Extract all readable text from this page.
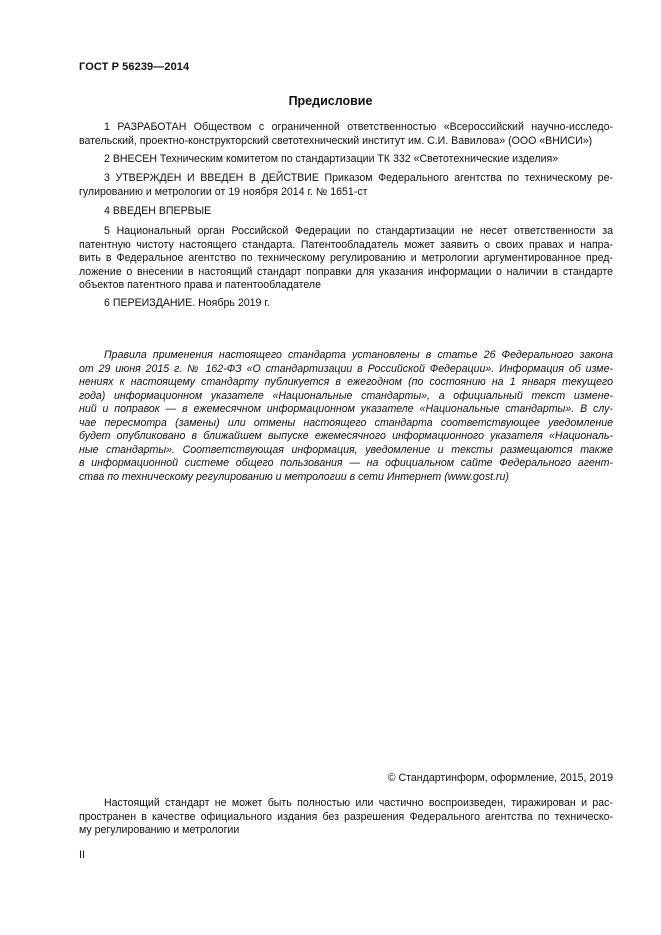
ГОСТ Р 56239—2014
Предисловие
1 РАЗРАБОТАН Обществом с ограниченной ответственностью «Всероссийский научно-исследо-
вательский, проектно-конструкторский светотехнический институт им. С.И. Вавилова» (ООО «ВНИСИ»)
2 ВНЕСЕН Техническим комитетом по стандартизации ТК 332 «Светотехнические изделия»
3 УТВЕРЖДЕН И ВВЕДЕН В ДЕЙСТВИЕ Приказом Федерального агентства по техническому ре-
гулированию и метрологии от 19 ноября 2014 г. № 1651-ст
4 ВВЕДЕН ВПЕРВЫЕ
5 Национальный орган Российской Федерации по стандартизации не несет ответственности за
патентную чистоту настоящего стандарта. Патентообладатель может заявить о своих правах и напра-
вить в Федеральное агентство по техническому регулированию и метрологии аргументированное пред-
ложение о внесении в настоящий стандарт поправки для указания информации о наличии в стандарте
объектов патентного права и патентообладателе
6 ПЕРЕИЗДАНИЕ. Ноябрь 2019 г.
Правила применения настоящего стандарта установлены в статье 26 Федерального закона
от 29 июня 2015 г. № 162-ФЗ «О стандартизации в Российской Федерации». Информация об изме-
нениях к настоящему стандарту публикуется в ежегодном (по состоянию на 1 января текущего
года) информационном указателе «Национальные стандарты», а официальный текст измене-
ний и поправок — в ежемесячном информационном указателе «Национальные стандарты». В слу-
чае пересмотра (замены) или отмены настоящего стандарта соответствующее уведомление
будет опубликовано в ближайшем выпуске ежемесячного информационного указателя «Националь-
ные стандарты». Соответствующая информация, уведомление и тексты размещаются также
в информационной системе общего пользования — на официальном сайте Федерального агент-
ства по техническому регулированию и метрологии в сети Интернет (www.gost.ru)
© Стандартинформ, оформление, 2015, 2019
Настоящий стандарт не может быть полностью или частично воспроизведен, тиражирован и рас-
пространен в качестве официального издания без разрешения Федерального агентства по техническо-
му регулированию и метрологии
II
